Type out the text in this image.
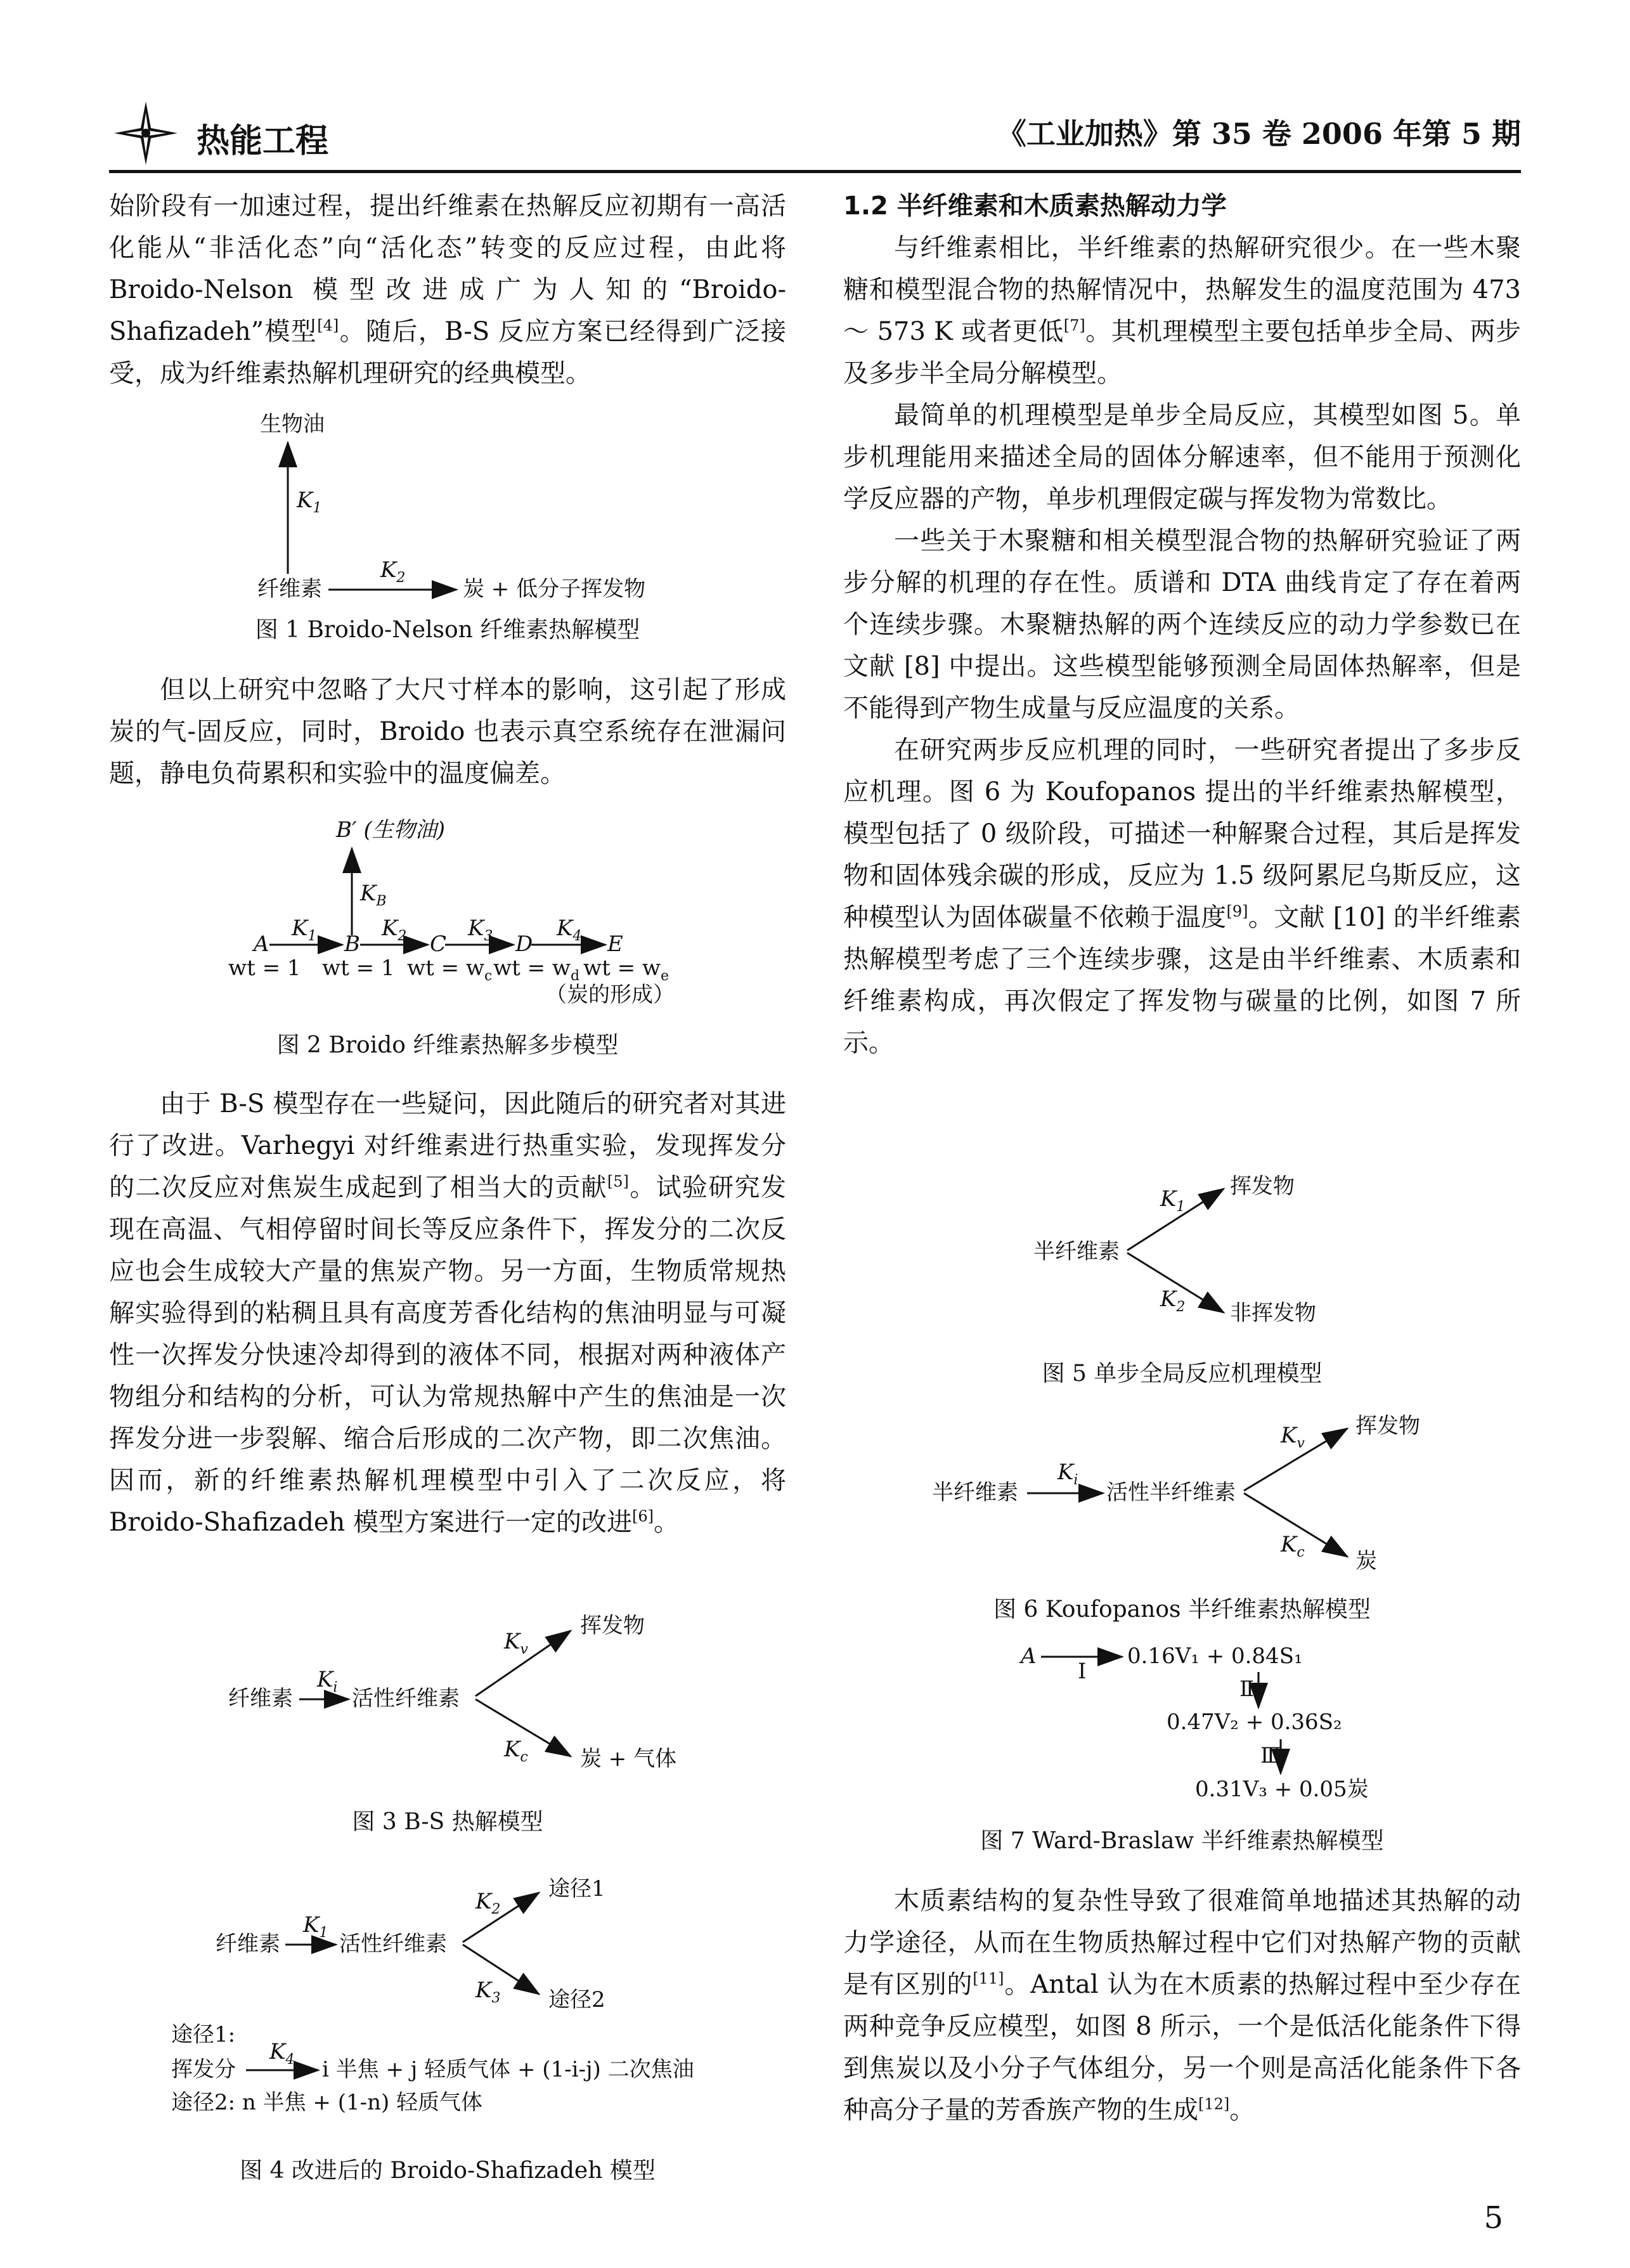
热能工程	《工业加热》第 35 卷 2006 年第 5 期

始阶段有一加速过程，提出纤维素在热解反应初期有一高活化能从“非活化态”向“活化态”转变的反应过程，由此将 Broido-Nelson 模型改进成广为人知的“Broido-Shafizadeh”模型[4]。随后，B-S 反应方案已经得到广泛接受，成为纤维素热解机理研究的经典模型。

生物油
$K_1$
纤维素
$K_2$	炭 + 低分子挥发物
图 1 Broido-Nelson 纤维素热解模型

但以上研究中忽略了大尺寸样本的影响，这引起了形成炭的气-固反应，同时，Broido 也表示真空系统存在泄漏问题，静电负荷累积和实验中的温度偏差。

B′ (生物油)
$K_B$
A
$K_1$ B
$K_2$ C
$K_3$ D
$K_4$ E
wt = 1 wt = 1 wt = $w_c$ wt = $w_d$ wt = $w_e$
（炭的形成）
图 2 Broido 纤维素热解多步模型

由于 B-S 模型存在一些疑问，因此随后的研究者对其进行了改进。Varhegyi 对纤维素进行热重实验，发现挥发分的二次反应对焦炭生成起到了相当大的贡献[5]。试验研究发现在高温、气相停留时间长等反应条件下，挥发分的二次反应也会生成较大产量的焦炭产物。另一方面，生物质常规热解实验得到的粘稠且具有高度芳香化结构的焦油明显与可凝性一次挥发分快速冷却得到的液体不同，根据对两种液体产物组分和结构的分析，可认为常规热解中产生的焦油是一次挥发分进一步裂解、缩合后形成的二次产物，即二次焦油。因而，新的纤维素热解机理模型中引入了二次反应，将 Broido-Shafizadeh 模型方案进行一定的改进[6]。

纤维素
$K_i$ 活性纤维素
$K_v$
$K_c$
挥发物
炭 + 气体
图 3 B-S 热解模型
纤维素
$K_1$ 活性纤维素
$K_2$
$K_3$
途径1
途径2
途径1:
挥发分
$K_4$ i 半焦 + j 轻质气体 + (1-i-j) 二次焦油
途径2: n 半焦 + (1-n) 轻质气体
图 4 改进后的 Broido-Shafizadeh 模型

1.2 半纤维素和木质素热解动力学

与纤维素相比，半纤维素的热解研究很少。在一些木聚糖和模型混合物的热解情况中，热解发生的温度范围为 473 ～ 573 K 或者更低[7]。其机理模型主要包括单步全局、两步及多步半全局分解模型。

最简单的机理模型是单步全局反应，其模型如图 5。单步机理能用来描述全局的固体分解速率，但不能用于预测化学反应器的产物，单步机理假定碳与挥发物为常数比。

一些关于木聚糖和相关模型混合物的热解研究验证了两步分解的机理的存在性。质谱和 DTA 曲线肯定了存在着两个连续步骤。木聚糖热解的两个连续反应的动力学参数已在文献 [8] 中提出。这些模型能够预测全局固体热解率，但是不能得到产物生成量与反应温度的关系。

在研究两步反应机理的同时，一些研究者提出了多步反应机理。图 6 为 Koufopanos 提出的半纤维素热解模型，模型包括了 0 级阶段，可描述一种解聚合过程，其后是挥发物和固体残余碳的形成，反应为 1.5 级阿累尼乌斯反应，这种模型认为固体碳量不依赖于温度[9]。文献 [10] 的半纤维素热解模型考虑了三个连续步骤，这是由半纤维素、木质素和纤维素构成，再次假定了挥发物与碳量的比例，如图 7 所示。

半纤维素
$K_1$
$K_2$
挥发物
非挥发物
图 5 单步全局反应机理模型
半纤维素
$K_i$ 活性半纤维素
$K_v$
$K_c$
挥发物
炭
图 6 Koufopanos 半纤维素热解模型
A
Ⅰ
0.16V₁ + 0.84S₁
Ⅱ
0.47V₂ + 0.36S₂
Ⅲ
0.31V₃ + 0.05炭
图 7 Ward-Braslaw 半纤维素热解模型

木质素结构的复杂性导致了很难简单地描述其热解的动力学途径，从而在生物质热解过程中它们对热解产物的贡献是有区别的[11]。Antal 认为在木质素的热解过程中至少存在两种竞争反应模型，如图 8 所示，一个是低活化能条件下得到焦炭以及小分子气体组分，另一个则是高活化能条件下各种高分子量的芳香族产物的生成[12]。

5
